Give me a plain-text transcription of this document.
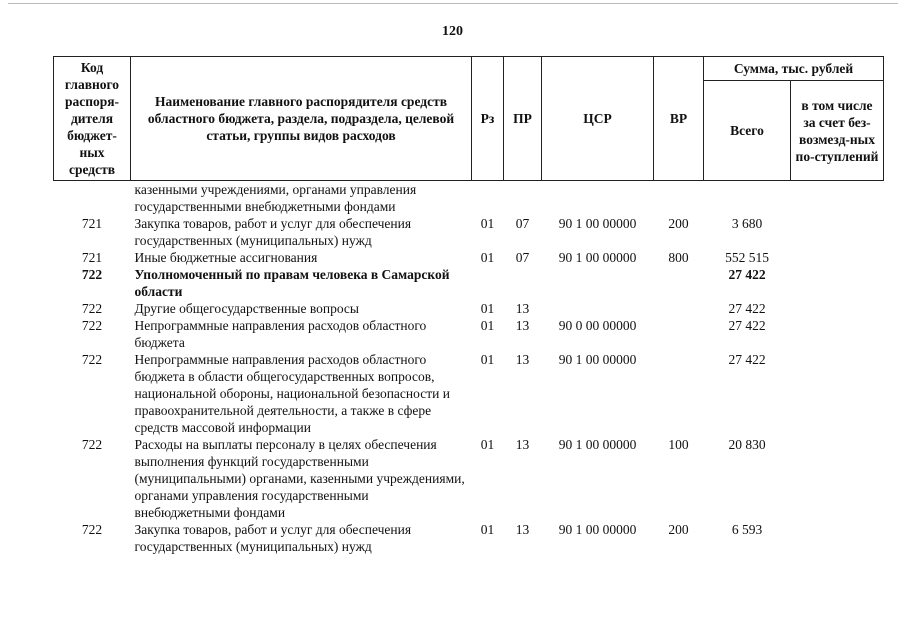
120
Код главного распоря-дителя бюджет-ных средств	Наименование главного распорядителя средств областного бюджета, раздела, подраздела, целевой статьи, группы видов расходов	Рз	ПР	ЦСР	ВР	Сумма, тыс. рублей	
						Всего	в том числе за счет без-возмезд-ных по-ступлений
	казенными учреждениями, органами управления государственными внебюджетными фондами						
721	Закупка товаров, работ и услуг для обеспечения государственных (муниципальных) нужд	01	07	90 1 00 00000	200	3 680	
721	Иные бюджетные ассигнования	01	07	90 1 00 00000	800	552 515	
722	Уполномоченный по правам человека в Самарской области					27 422	
722	Другие общегосударственные вопросы	01	13			27 422	
722	Непрограммные направления расходов областного бюджета	01	13	90 0 00 00000		27 422	
722	Непрограммные направления расходов областного бюджета в области общегосударственных вопросов, национальной обороны, национальной безопасности и правоохранительной деятельности, а также в сфере средств массовой информации	01	13	90 1 00 00000		27 422	
722	Расходы на выплаты персоналу в целях обеспечения выполнения функций государственными (муниципальными) органами, казенными учреждениями, органами управления государственными внебюджетными фондами	01	13	90 1 00 00000	100	20 830	
722	Закупка товаров, работ и услуг для обеспечения государственных (муниципальных) нужд	01	13	90 1 00 00000	200	6 593	
